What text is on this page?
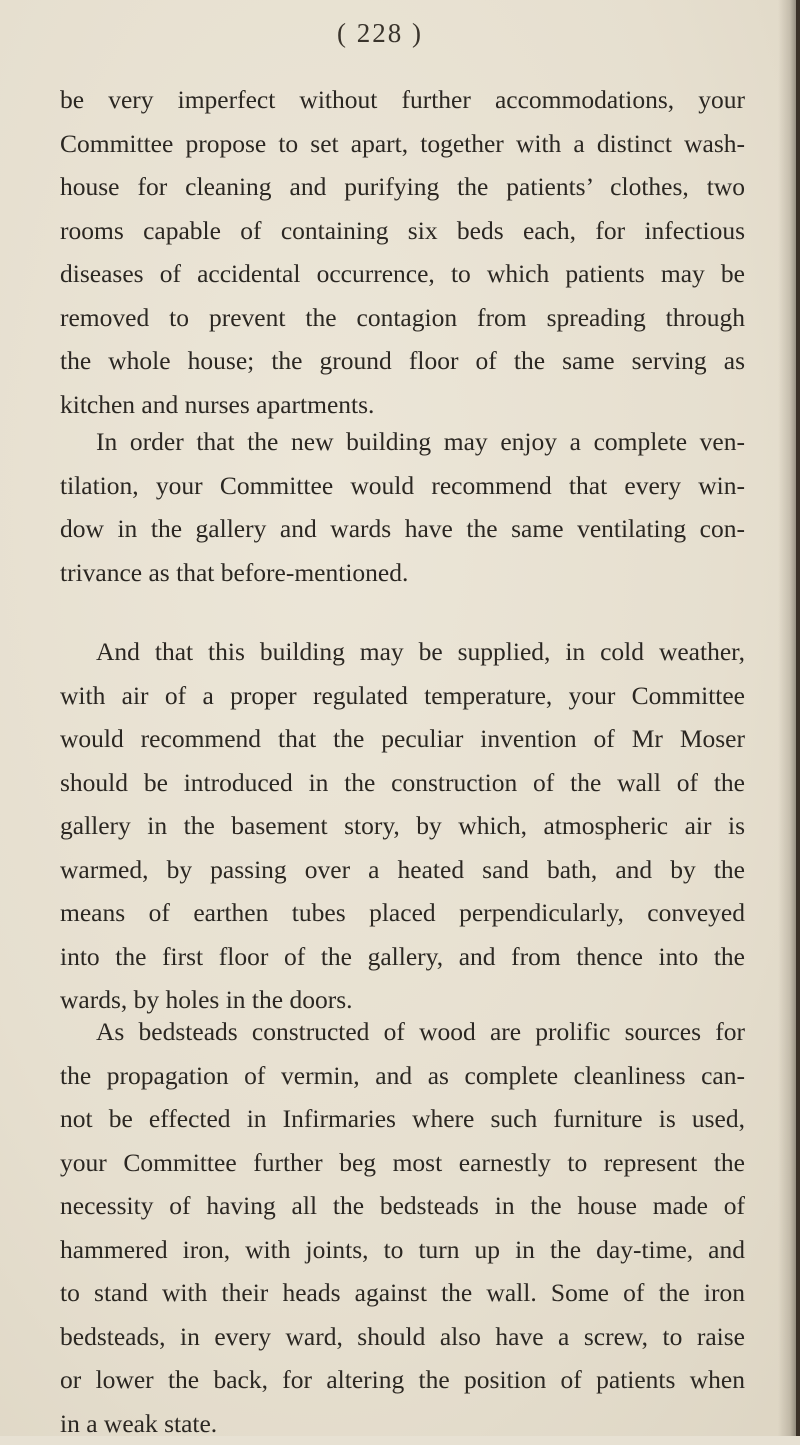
( 228 )

be very imperfect without further accommodations, your
Committee propose to set apart, together with a distinct wash-
house for cleaning and purifying the patients’ clothes, two
rooms capable of containing six beds each, for infectious
diseases of accidental occurrence, to which patients may be
removed to prevent the contagion from spreading through
the whole house; the ground floor of the same serving as
kitchen and nurses apartments.

In order that the new building may enjoy a complete ven-
tilation, your Committee would recommend that every win-
dow in the gallery and wards have the same ventilating con-
trivance as that before-mentioned.

And that this building may be supplied, in cold weather,
with air of a proper regulated temperature, your Committee
would recommend that the peculiar invention of Mr Moser
should be introduced in the construction of the wall of the
gallery in the basement story, by which, atmospheric air is
warmed, by passing over a heated sand bath, and by the
means of earthen tubes placed perpendicularly, conveyed
into the first floor of the gallery, and from thence into the
wards, by holes in the doors.

As bedsteads constructed of wood are prolific sources for
the propagation of vermin, and as complete cleanliness can-
not be effected in Infirmaries where such furniture is used,
your Committee further beg most earnestly to represent the
necessity of having all the bedsteads in the house made of
hammered iron, with joints, to turn up in the day-time, and
to stand with their heads against the wall. Some of the iron
bedsteads, in every ward, should also have a screw, to raise
or lower the back, for altering the position of patients when
in a weak state.
